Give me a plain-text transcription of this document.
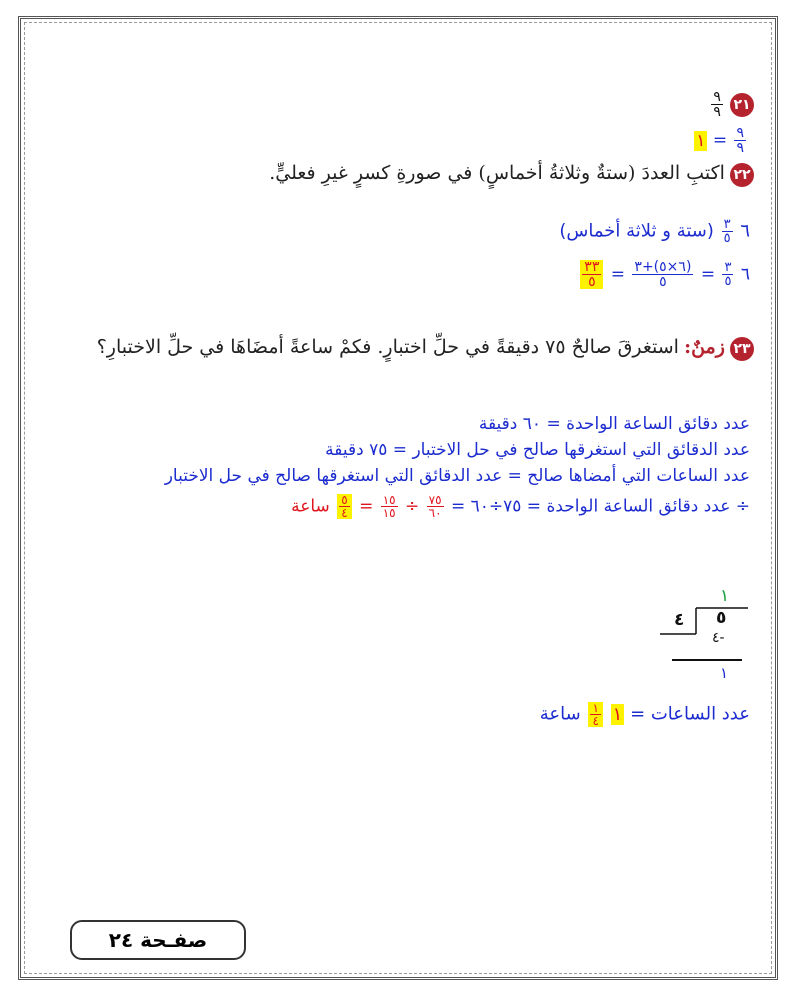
٢١
$\frac{٩}{٩}$
$\frac{٩}{٩}$
= ١
٢٢ اكتبِ العددَ (ستةٌ وثلاثةُ أخماسٍ) في صورةِ كسرٍ غيرِ فعليٍّ.
٦
$\frac{٣}{٥}$
(ستة و ثلاثة أخماس)
٦
$\frac{٣}{٥}$
=
$\frac{(٦\times ٥)+٣}{٥}$
=
$\frac{٣٣}{٥}$
٢٣ زمنٌ: استغرقَ صالحٌ ٧٥ دقيقةً في حلِّ اختبارٍ. فكمْ ساعةً أمضَاهَا في حلِّ الاختبارِ؟
عدد دقائق الساعة الواحدة = ٦٠ دقيقة
عدد الدقائق التي استغرقها صالح في حل الاختبار = ٧٥ دقيقة
عدد الساعات التي أمضاها صالح = عدد الدقائق التي استغرقها صالح في حل الاختبار
÷ عدد دقائق الساعة الواحدة = ٧٥÷٦٠ =
$\frac{٧٥}{٦٠}$
÷
$\frac{١٥}{١٥}$
=
$\frac{٥}{٤}$
ساعة
١
٤ ٥
٤-
١
عدد الساعات = ١
$\frac{١}{٤}$
ساعة
صفـحة ٢٤
